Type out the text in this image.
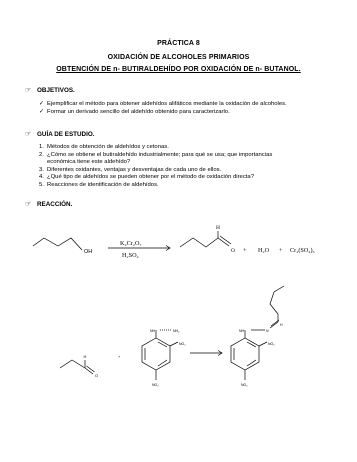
PRÁCTICA 8
OXIDACIÓN DE ALCOHOLES PRIMARIOS
OBTENCIÓN DE n- BUTIRALDEHÍDO POR OXIDACIÓN DE n- BUTANOL.
☞ OBJETIVOS.
✓ Ejemplificar el método para obtener aldehídos alifáticos mediante la oxidación de alcoholes.
✓ Formar un derivado sencillo del aldehído obtenido para caracterizarlo.
☞ GUÍA DE ESTUDIO.
1. Métodos de obtención de aldehídos y cetonas.
2. ¿Cómo se obtiene el butiraldehído industrialmente; para qué se usa; que importancias
económica tiene este aldehído?
3. Diferentes oxidantes, ventajas y desventajas de cada uno de ellos.
4. ¿Qué tipo de aldehídos se pueden obtener por el método de oxidación directa?
5. Reacciones de identificación de aldehídos.
☞ REACCIÓN.
OH
K₂Cr₂O₇
H₂SO₄
H
O + H₂O + Cr₂(SO₄)₃
H
O
+
NH	NH₂
NO₂
NO₂
NH	N
H
NO₂
NO₂
